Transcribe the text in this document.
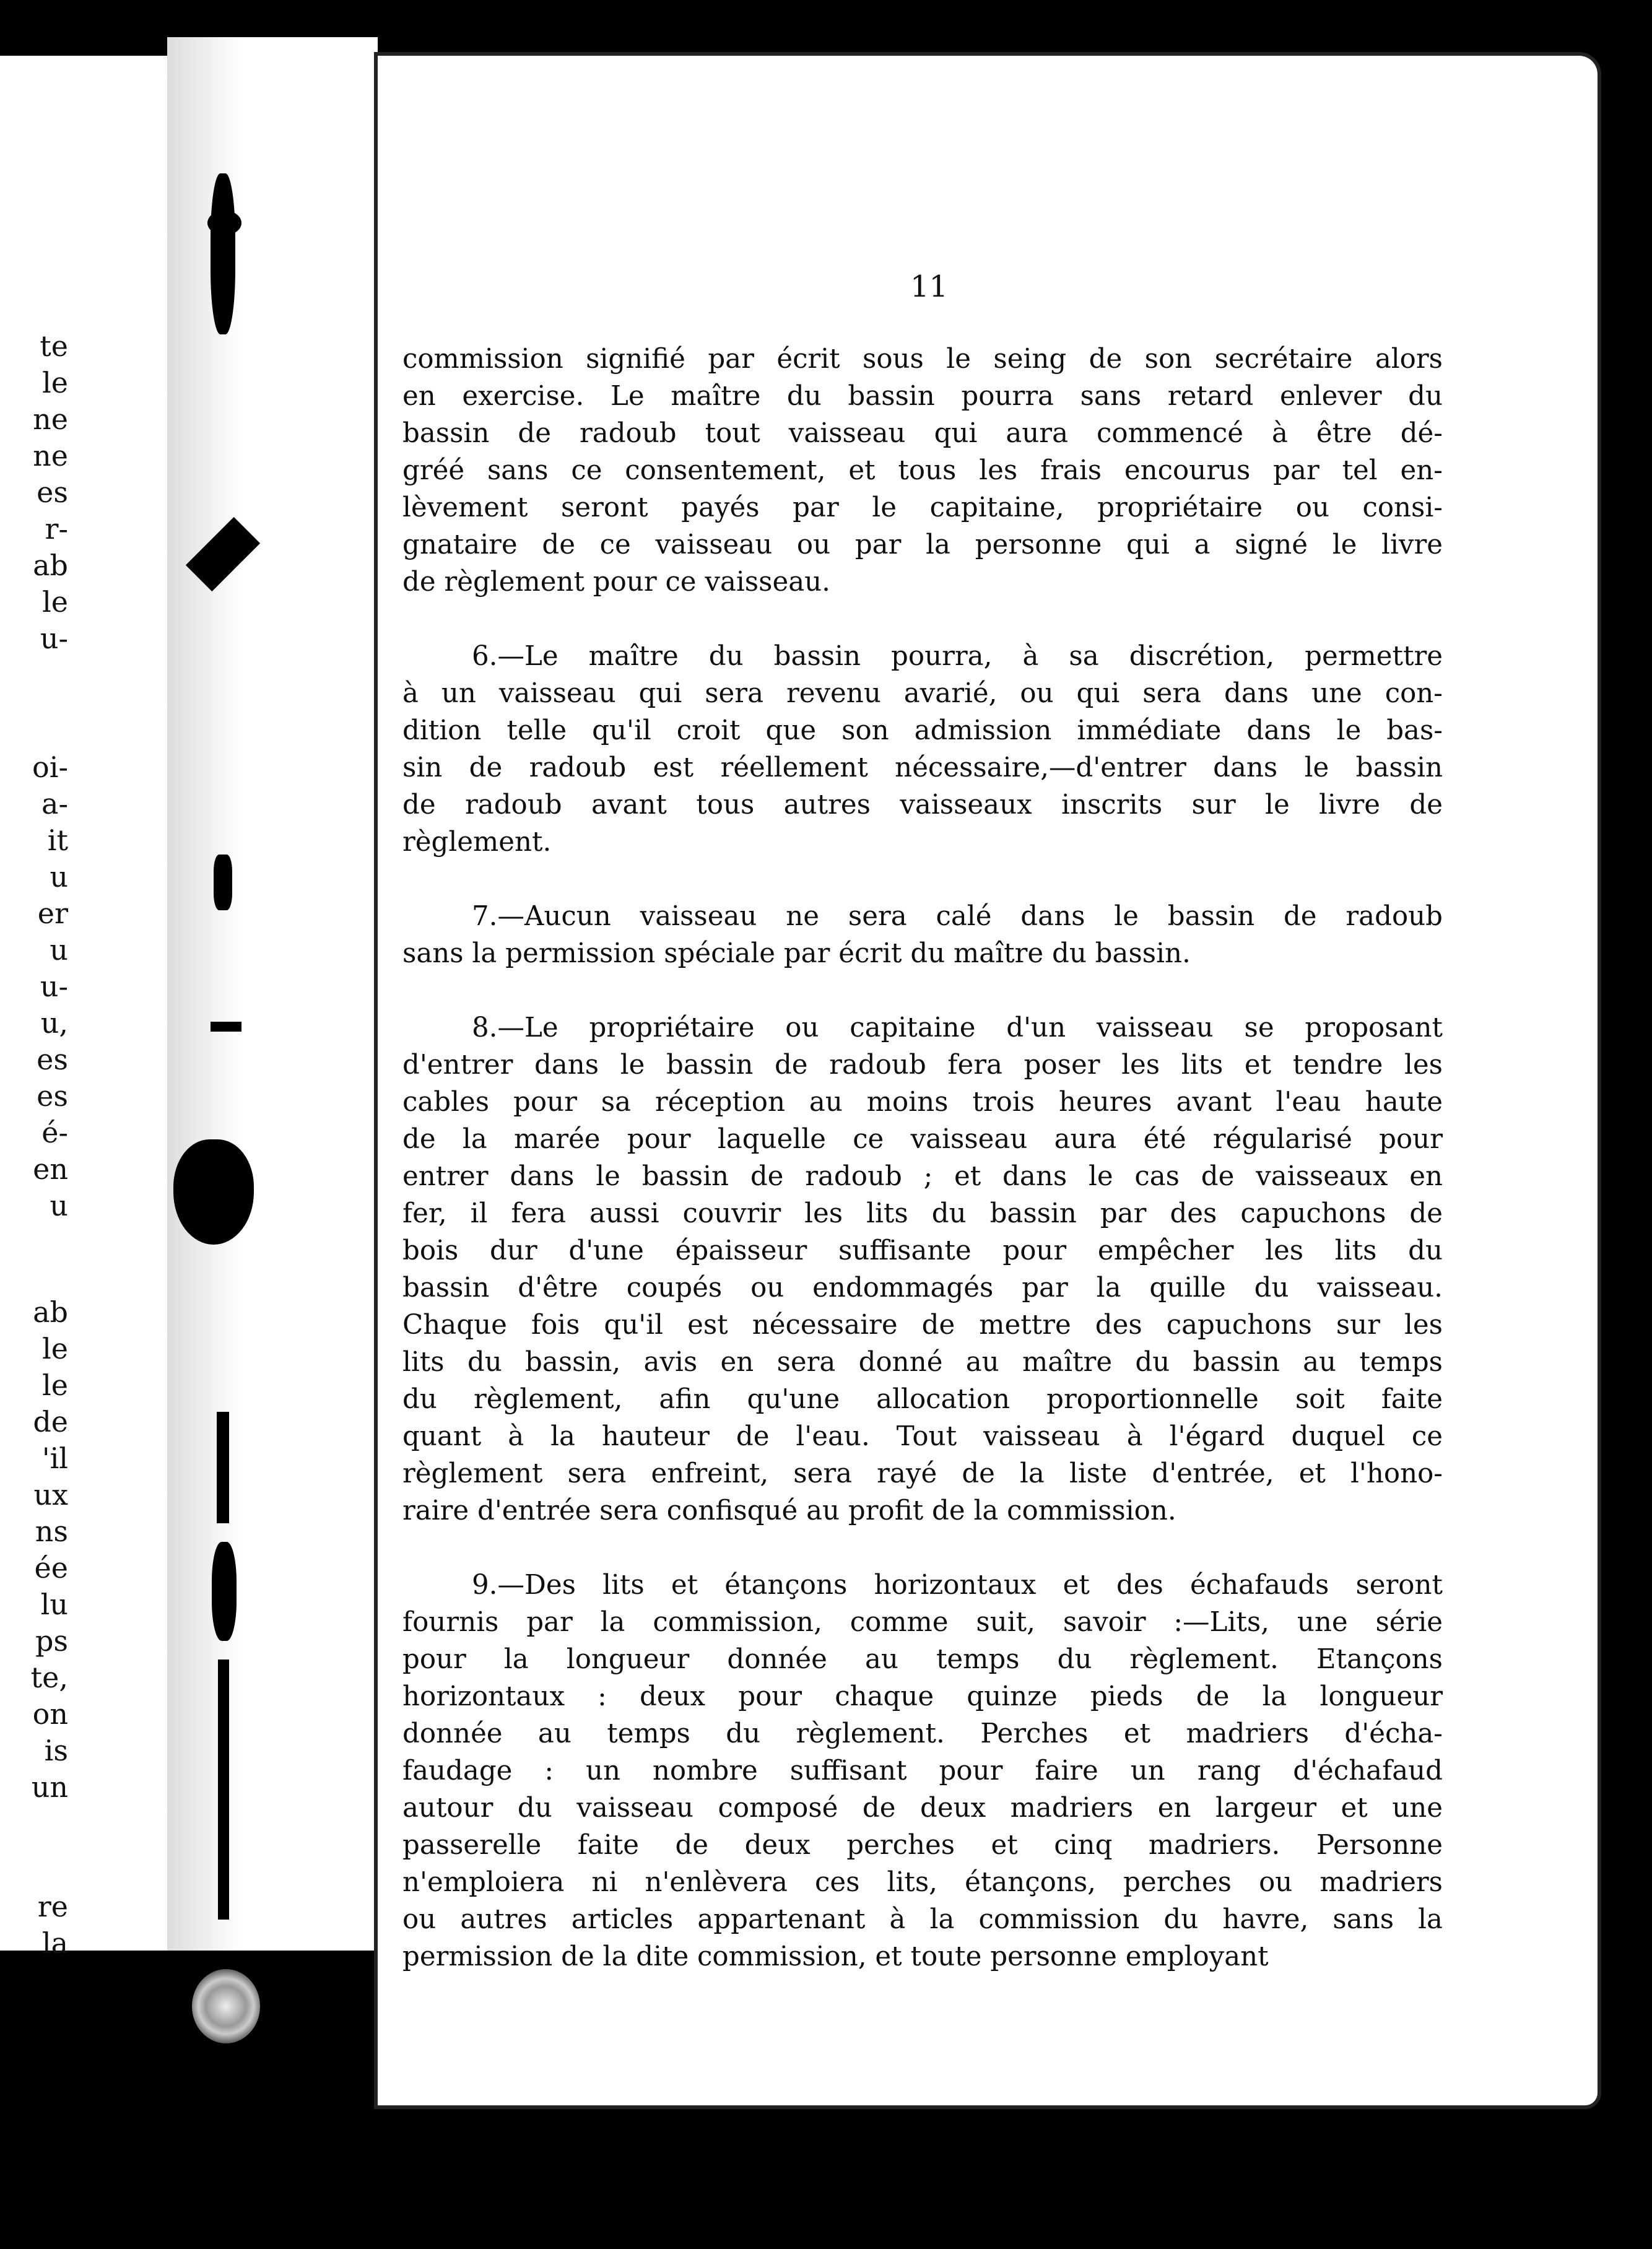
te
le
ne
ne
es
r-
ab
le
u-
oi-
a-
it
u
er
u
u-
u,
es
es
é-
en
u
ab
le
le
de
'il
ux
ns
ée
lu
ps
te,
on
is
un
re
la
11
commission signifié par écrit sous le seing de son secrétaire alors
en exercise. Le maître du bassin pourra sans retard enlever du
bassin de radoub tout vaisseau qui aura commencé à être dé-
gréé sans ce consentement, et tous les frais encourus par tel en-
lèvement seront payés par le capitaine, propriétaire ou consi-
gnataire de ce vaisseau ou par la personne qui a signé le livre
de règlement pour ce vaisseau.
6.—Le maître du bassin pourra, à sa discrétion, permettre
à un vaisseau qui sera revenu avarié, ou qui sera dans une con-
dition telle qu'il croit que son admission immédiate dans le bas-
sin de radoub est réellement nécessaire,—d'entrer dans le bassin
de radoub avant tous autres vaisseaux inscrits sur le livre de
règlement.
7.—Aucun vaisseau ne sera calé dans le bassin de radoub
sans la permission spéciale par écrit du maître du bassin.
8.—Le propriétaire ou capitaine d'un vaisseau se proposant
d'entrer dans le bassin de radoub fera poser les lits et tendre les
cables pour sa réception au moins trois heures avant l'eau haute
de la marée pour laquelle ce vaisseau aura été régularisé pour
entrer dans le bassin de radoub ; et dans le cas de vaisseaux en
fer, il fera aussi couvrir les lits du bassin par des capuchons de
bois dur d'une épaisseur suffisante pour empêcher les lits du
bassin d'être coupés ou endommagés par la quille du vaisseau.
Chaque fois qu'il est nécessaire de mettre des capuchons sur les
lits du bassin, avis en sera donné au maître du bassin au temps
du règlement, afin qu'une allocation proportionnelle soit faite
quant à la hauteur de l'eau. Tout vaisseau à l'égard duquel ce
règlement sera enfreint, sera rayé de la liste d'entrée, et l'hono-
raire d'entrée sera confisqué au profit de la commission.
9.—Des lits et étançons horizontaux et des échafauds seront
fournis par la commission, comme suit, savoir :—Lits, une série
pour la longueur donnée au temps du règlement. Etançons
horizontaux : deux pour chaque quinze pieds de la longueur
donnée au temps du règlement. Perches et madriers d'écha-
faudage : un nombre suffisant pour faire un rang d'échafaud
autour du vaisseau composé de deux madriers en largeur et une
passerelle faite de deux perches et cinq madriers. Personne
n'emploiera ni n'enlèvera ces lits, étançons, perches ou madriers
ou autres articles appartenant à la commission du havre, sans la
permission de la dite commission, et toute personne employant
